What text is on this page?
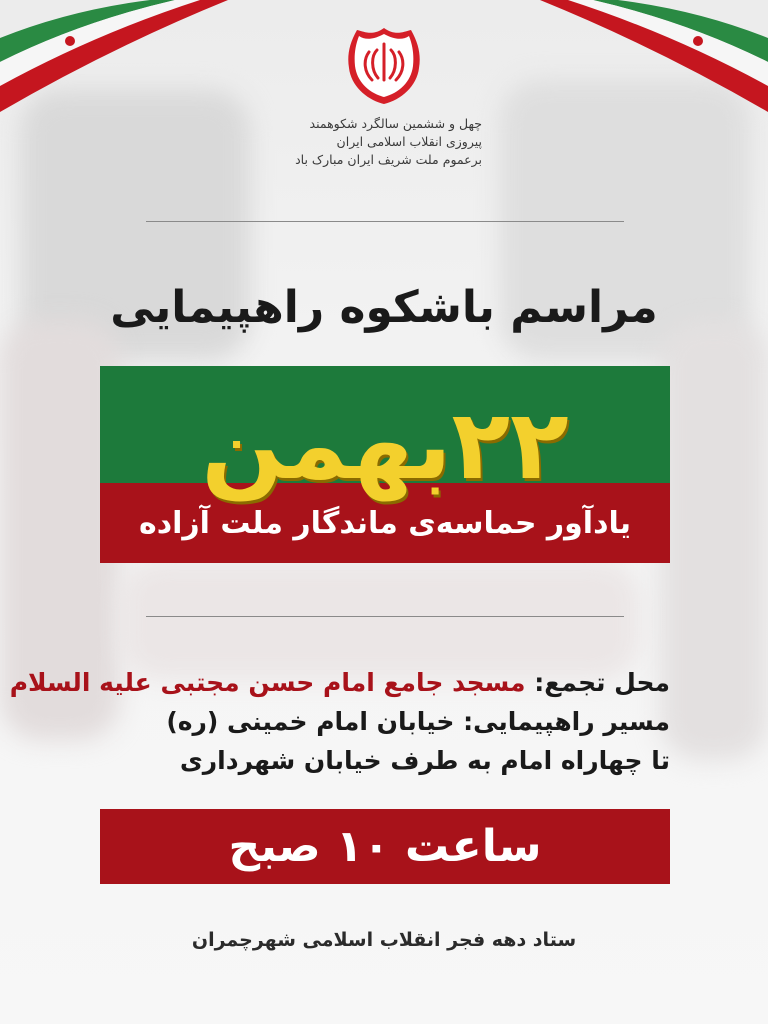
چهل و ششمین سالگرد شکوهمند
پیروزی انقلاب اسلامی ایران
برعموم ملت شریف ایران مبارک باد
مراسم باشکوه راهپیمایی
۲۲بهمن
یادآور حماسه‌ی ماندگار ملت آزاده
محل تجمع: مسجد جامع امام حسن مجتبی علیه السلام
مسیر راهپیمایی: خیابان امام خمینی (ره)
تا چهاراه امام به طرف خیابان شهرداری
ساعت ۱۰ صبح
ستاد دهه فجر انقلاب اسلامی شهرچمران
